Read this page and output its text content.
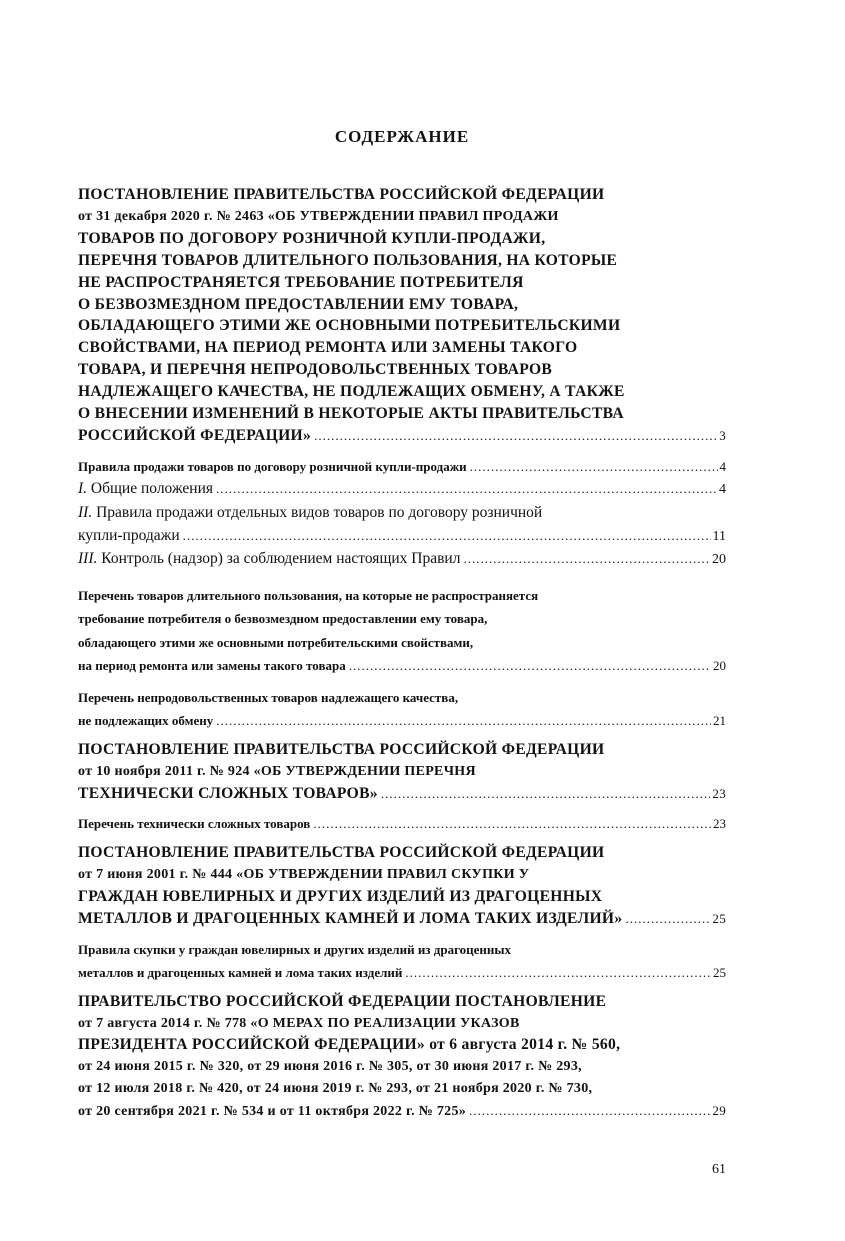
СОДЕРЖАНИЕ
ПОСТАНОВЛЕНИЕ ПРАВИТЕЛЬСТВА РОССИЙСКОЙ ФЕДЕРАЦИИ
от 31 декабря 2020 г. № 2463 «ОБ УТВЕРЖДЕНИИ ПРАВИЛ ПРОДАЖИ
ТОВАРОВ ПО ДОГОВОРУ РОЗНИЧНОЙ КУПЛИ-ПРОДАЖИ,
ПЕРЕЧНЯ ТОВАРОВ ДЛИТЕЛЬНОГО ПОЛЬЗОВАНИЯ, НА КОТОРЫЕ
НЕ РАСПРОСТРАНЯЕТСЯ ТРЕБОВАНИЕ ПОТРЕБИТЕЛЯ
О БЕЗВОЗМЕЗДНОМ ПРЕДОСТАВЛЕНИИ ЕМУ ТОВАРА,
ОБЛАДАЮЩЕГО ЭТИМИ ЖЕ ОСНОВНЫМИ ПОТРЕБИТЕЛЬСКИМИ
СВОЙСТВАМИ, НА ПЕРИОД РЕМОНТА ИЛИ ЗАМЕНЫ ТАКОГО
ТОВАРА, И ПЕРЕЧНЯ НЕПРОДОВОЛЬСТВЕННЫХ ТОВАРОВ
НАДЛЕЖАЩЕГО КАЧЕСТВА, НЕ ПОДЛЕЖАЩИХ ОБМЕНУ, А ТАКЖЕ
О ВНЕСЕНИИ ИЗМЕНЕНИЙ В НЕКОТОРЫЕ АКТЫ ПРАВИТЕЛЬСТВА
РОССИЙСКОЙ ФЕДЕРАЦИИ» .....	3
Правила продажи товаров по договору розничной купли-продажи .....	4
I. Общие положения .....	4
II.
Правила продажи отдельных видов товаров по договору розничной
купли-продажи .....	11
III. Контроль (надзор) за соблюдением настоящих Правил .....	20
Перечень товаров длительного пользования, на которые не распространяется
требование потребителя о безвозмездном предоставлении ему товара,
обладающего этими же основными потребительскими свойствами,
на период ремонта или замены такого товара .....	20
Перечень непродовольственных товаров надлежащего качества,
не подлежащих обмену .....	21
ПОСТАНОВЛЕНИЕ ПРАВИТЕЛЬСТВА РОССИЙСКОЙ ФЕДЕРАЦИИ
от 10 ноября 2011 г. № 924 «ОБ УТВЕРЖДЕНИИ ПЕРЕЧНЯ
ТЕХНИЧЕСКИ СЛОЖНЫХ ТОВАРОВ» .....	23
Перечень технически сложных товаров .....	23
ПОСТАНОВЛЕНИЕ ПРАВИТЕЛЬСТВА РОССИЙСКОЙ ФЕДЕРАЦИИ
от 7 июня 2001 г. № 444 «ОБ УТВЕРЖДЕНИИ ПРАВИЛ СКУПКИ У
ГРАЖДАН ЮВЕЛИРНЫХ И ДРУГИХ ИЗДЕЛИЙ ИЗ ДРАГОЦЕННЫХ
МЕТАЛЛОВ И ДРАГОЦЕННЫХ КАМНЕЙ И ЛОМА ТАКИХ ИЗДЕЛИЙ» .....	25
Правила скупки у граждан ювелирных и других изделий из драгоценных
металлов и драгоценных камней и лома таких изделий .....	25
ПРАВИТЕЛЬСТВО РОССИЙСКОЙ ФЕДЕРАЦИИ ПОСТАНОВЛЕНИЕ
от 7 августа 2014 г. № 778 «О МЕРАХ ПО РЕАЛИЗАЦИИ УКАЗОВ
ПРЕЗИДЕНТА РОССИЙСКОЙ ФЕДЕРАЦИИ» от 6 августа 2014 г. № 560,
от 24 июня 2015 г. № 320, от 29 июня 2016 г. № 305, от 30 июня 2017 г. № 293,
от 12 июля 2018 г. № 420, от 24 июня 2019 г. № 293, от 21 ноября 2020 г. № 730,
от 20 сентября 2021 г. № 534 и от 11 октября 2022 г. № 725» .....	29
61
